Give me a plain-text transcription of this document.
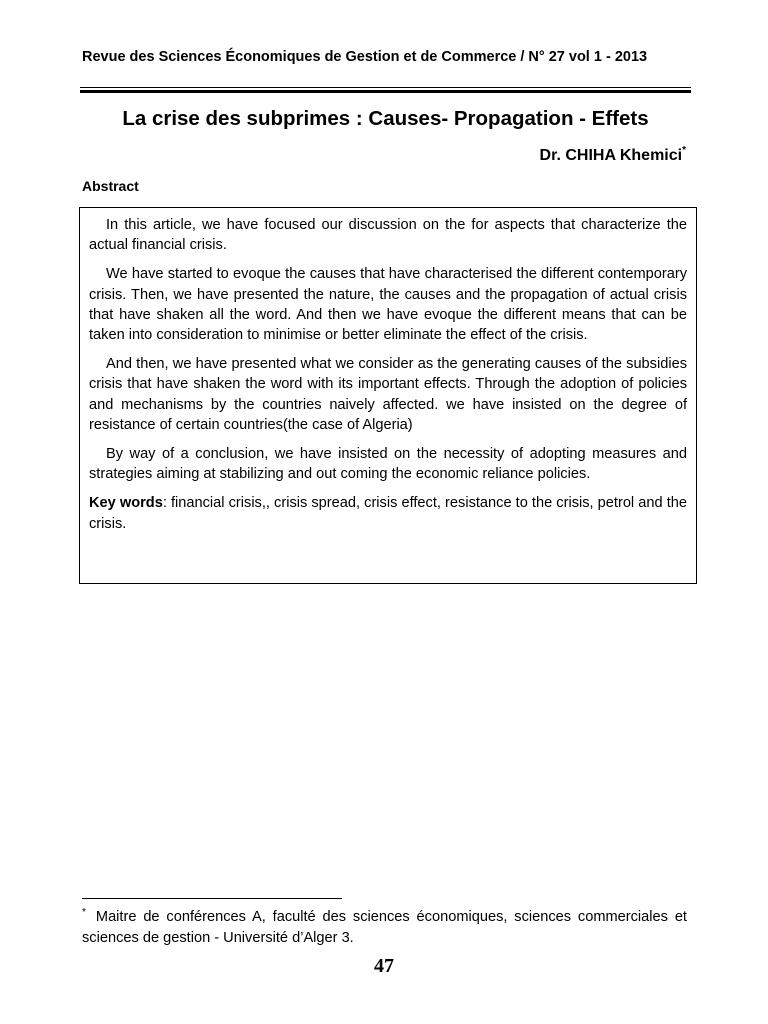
Revue des Sciences Économiques de Gestion et de Commerce / N° 27 vol 1 - 2013
La crise des subprimes : Causes- Propagation - Effets
Dr. CHIHA Khemici*
Abstract

In this article, we have focused our discussion on the for aspects that characterize the actual financial crisis.

We have started to evoque the causes that have characterised the different contemporary crisis. Then, we have presented the nature, the causes and the propagation of actual crisis that have shaken all the word. And then we have evoque the different means that can be taken into consideration to minimise or better eliminate the effect of the crisis.

And then, we have presented what we consider as the generating causes of the subsidies crisis that have shaken the word with its important effects. Through the adoption of policies and mechanisms by the countries naively affected. we have insisted on the degree of resistance of certain countries(the case of Algeria)

By way of a conclusion, we have insisted on the necessity of adopting measures and strategies aiming at stabilizing and out coming the economic reliance policies.

Key words: financial crisis,, crisis spread, crisis effect, resistance to the crisis, petrol and the crisis.

* Maitre de conférences A, faculté des sciences économiques, sciences commerciales et sciences de gestion - Université d’Alger 3.
47
